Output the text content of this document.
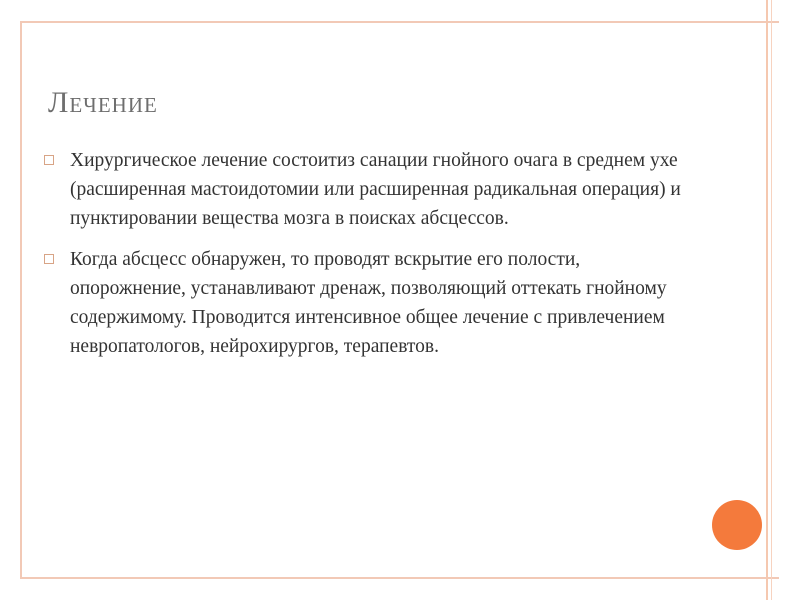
Лечение
Хирургическое лечение состоитиз санации гнойного очага в среднем ухе (расширенная мастоидотомии или расширенная радикальная операция) и пунктировании вещества мозга в поисках абсцессов.
Когда абсцесс обнаружен, то проводят вскрытие его полости, опорожнение, устанавливают дренаж, позволяющий оттекать гнойному содержимому. Проводится интенсивное общее лечение с привлечением невропатологов, нейрохирургов, терапевтов.
